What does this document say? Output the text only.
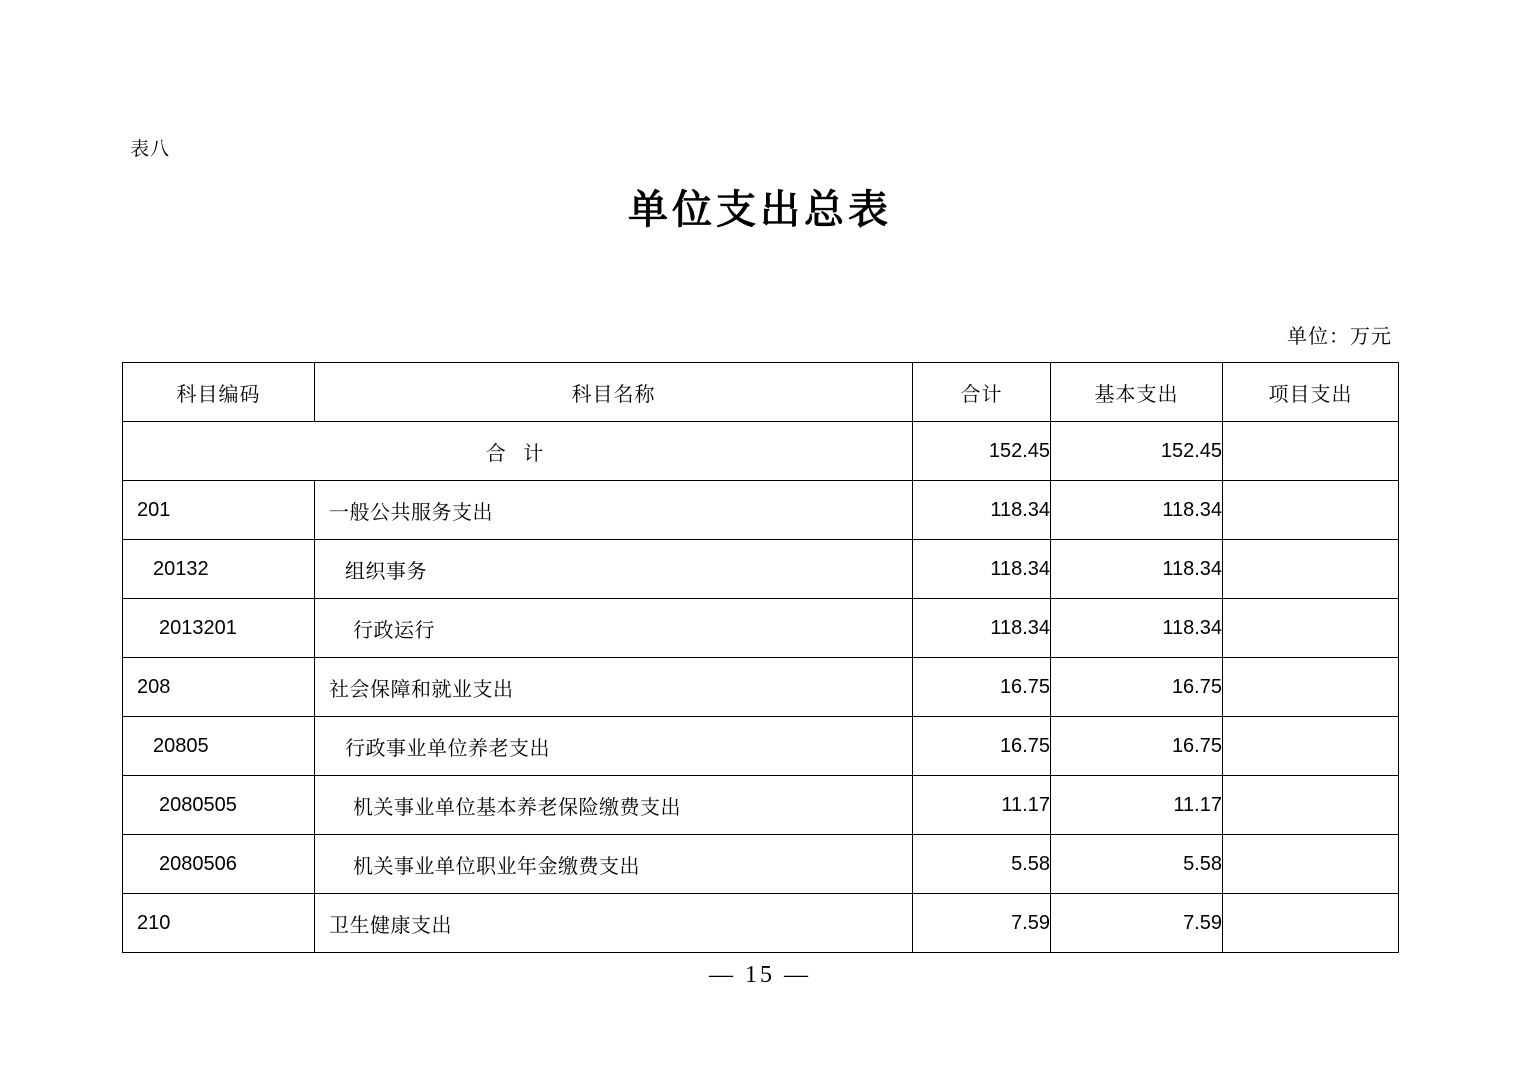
表八
单位支出总表
单位：万元
科目编码	科目名称	合计	基本支出	项目支出
合 计		152.45	152.45	
201	一般公共服务支出	118.34	118.34	
20132	组织事务	118.34	118.34	
2013201	行政运行	118.34	118.34	
208	社会保障和就业支出	16.75	16.75	
20805	行政事业单位养老支出	16.75	16.75	
2080505	机关事业单位基本养老保险缴费支出	11.17	11.17	
2080506	机关事业单位职业年金缴费支出	5.58	5.58	
210	卫生健康支出	7.59	7.59	
— 15 —
